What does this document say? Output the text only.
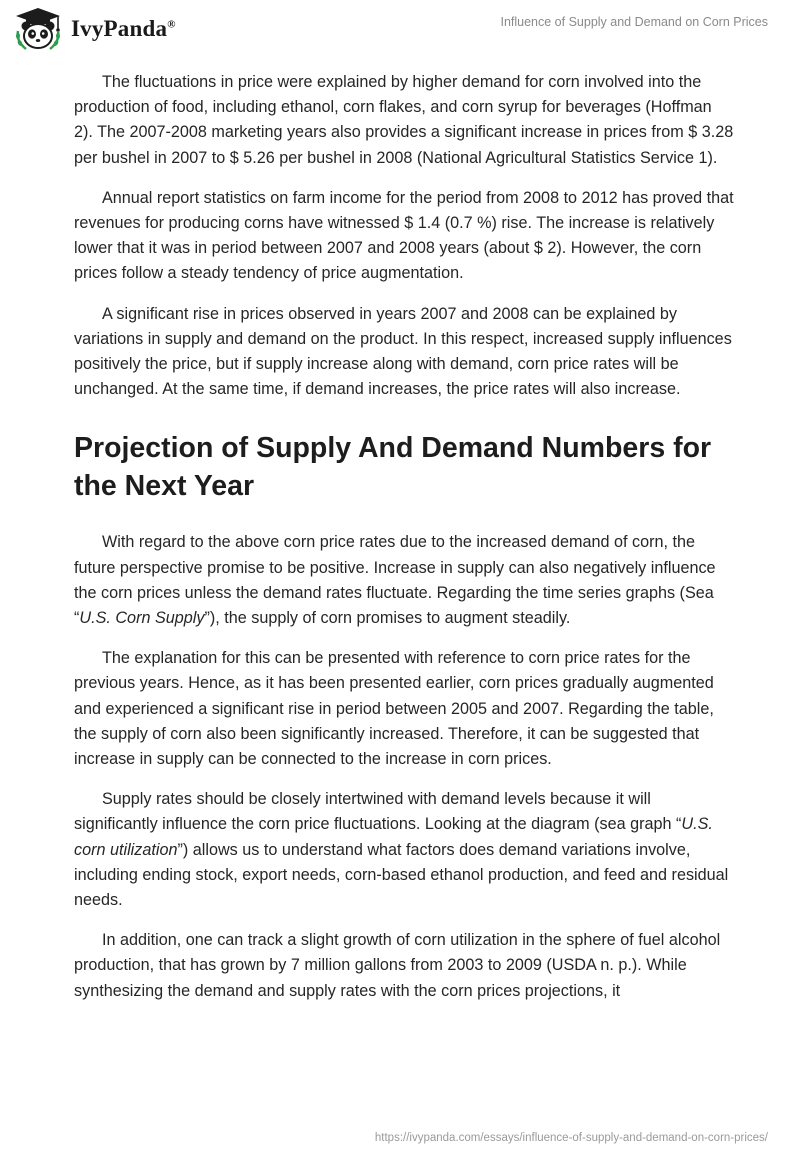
IvyPanda®	Influence of Supply and Demand on Corn Prices

The fluctuations in price were explained by higher demand for corn involved into the production of food, including ethanol, corn flakes, and corn syrup for beverages (Hoffman 2). The 2007-2008 marketing years also provides a significant increase in prices from $ 3.28 per bushel in 2007 to $ 5.26 per bushel in 2008 (National Agricultural Statistics Service 1).

Annual report statistics on farm income for the period from 2008 to 2012 has proved that revenues for producing corns have witnessed $ 1.4 (0.7 %) rise. The increase is relatively lower that it was in period between 2007 and 2008 years (about $ 2). However, the corn prices follow a steady tendency of price augmentation.

A significant rise in prices observed in years 2007 and 2008 can be explained by variations in supply and demand on the product. In this respect, increased supply influences positively the price, but if supply increase along with demand, corn price rates will be unchanged. At the same time, if demand increases, the price rates will also increase.

Projection of Supply And Demand Numbers for the Next Year

With regard to the above corn price rates due to the increased demand of corn, the future perspective promise to be positive. Increase in supply can also negatively influence the corn prices unless the demand rates fluctuate. Regarding the time series graphs (Sea “U.S. Corn Supply”), the supply of corn promises to augment steadily.

The explanation for this can be presented with reference to corn price rates for the previous years. Hence, as it has been presented earlier, corn prices gradually augmented and experienced a significant rise in period between 2005 and 2007. Regarding the table, the supply of corn also been significantly increased. Therefore, it can be suggested that increase in supply can be connected to the increase in corn prices.

Supply rates should be closely intertwined with demand levels because it will significantly influence the corn price fluctuations. Looking at the diagram (sea graph “U.S. corn utilization”) allows us to understand what factors does demand variations involve, including ending stock, export needs, corn-based ethanol production, and feed and residual needs.

In addition, one can track a slight growth of corn utilization in the sphere of fuel alcohol production, that has grown by 7 million gallons from 2003 to 2009 (USDA n. p.). While synthesizing the demand and supply rates with the corn prices projections, it

https://ivypanda.com/essays/influence-of-supply-and-demand-on-corn-prices/
